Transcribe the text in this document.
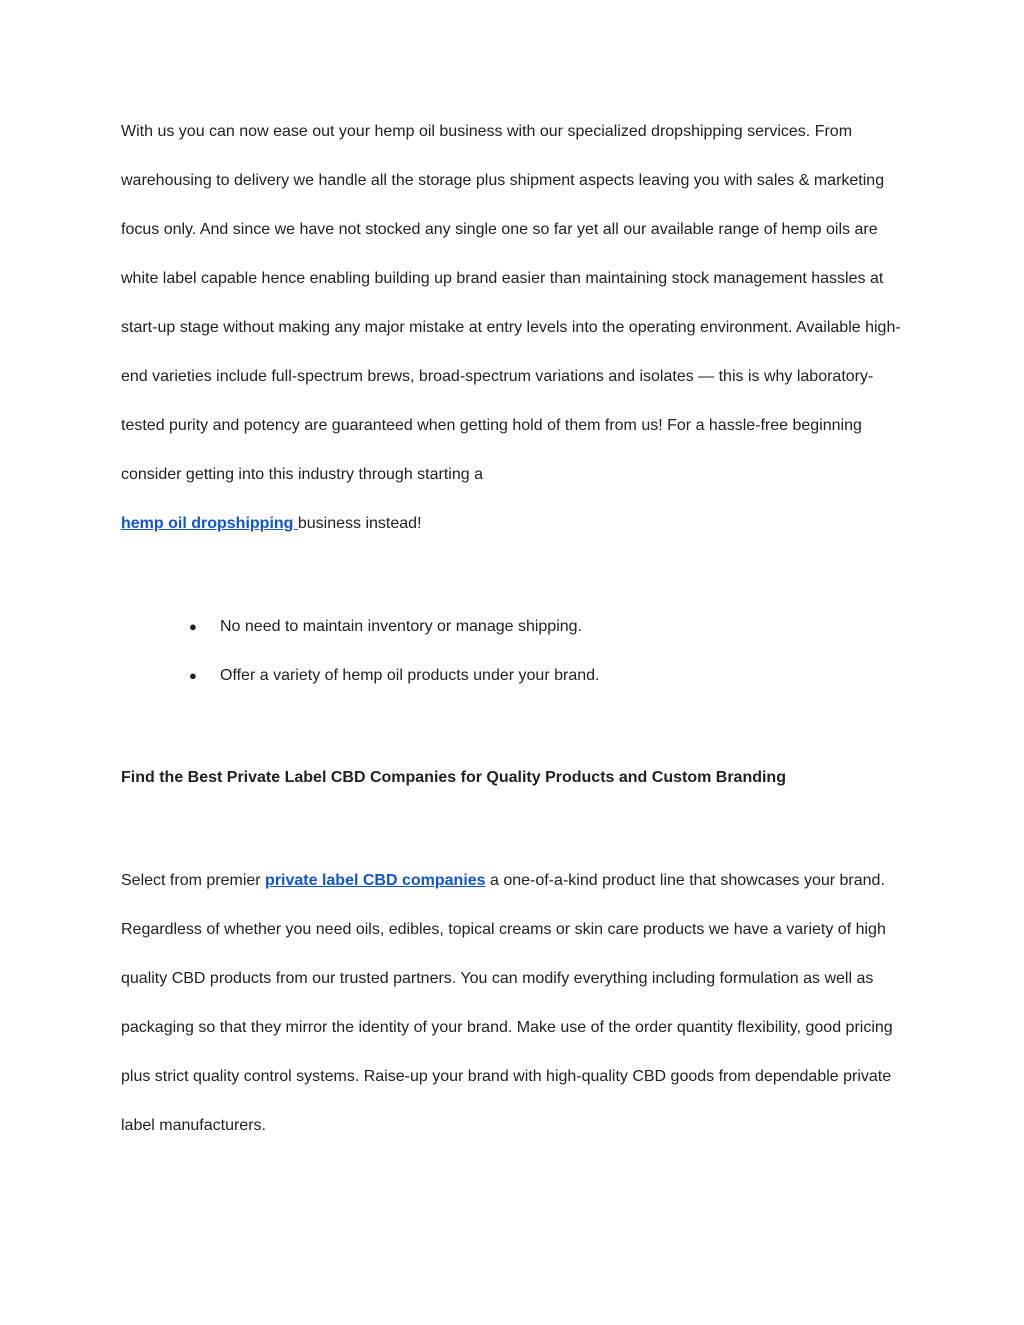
With us you can now ease out your hemp oil business with our specialized dropshipping services. From warehousing to delivery we handle all the storage plus shipment aspects leaving you with sales & marketing focus only. And since we have not stocked any single one so far yet all our available range of hemp oils are white label capable hence enabling building up brand easier than maintaining stock management hassles at start-up stage without making any major mistake at entry levels into the operating environment. Available high-end varieties include full-spectrum brews, broad-spectrum variations and isolates — this is why laboratory-tested purity and potency are guaranteed when getting hold of them from us! For a hassle-free beginning consider getting into this industry through starting a
hemp oil dropshipping business instead!

● No need to maintain inventory or manage shipping.
● Offer a variety of hemp oil products under your brand.
Find the Best Private Label CBD Companies for Quality Products and Custom Branding

Select from premier private label CBD companies a one-of-a-kind product line that showcases your brand. Regardless of whether you need oils, edibles, topical creams or skin care products we have a variety of high quality CBD products from our trusted partners. You can modify everything including formulation as well as packaging so that they mirror the identity of your brand. Make use of the order quantity flexibility, good pricing plus strict quality control systems. Raise-up your brand with high-quality CBD goods from dependable private label manufacturers.
